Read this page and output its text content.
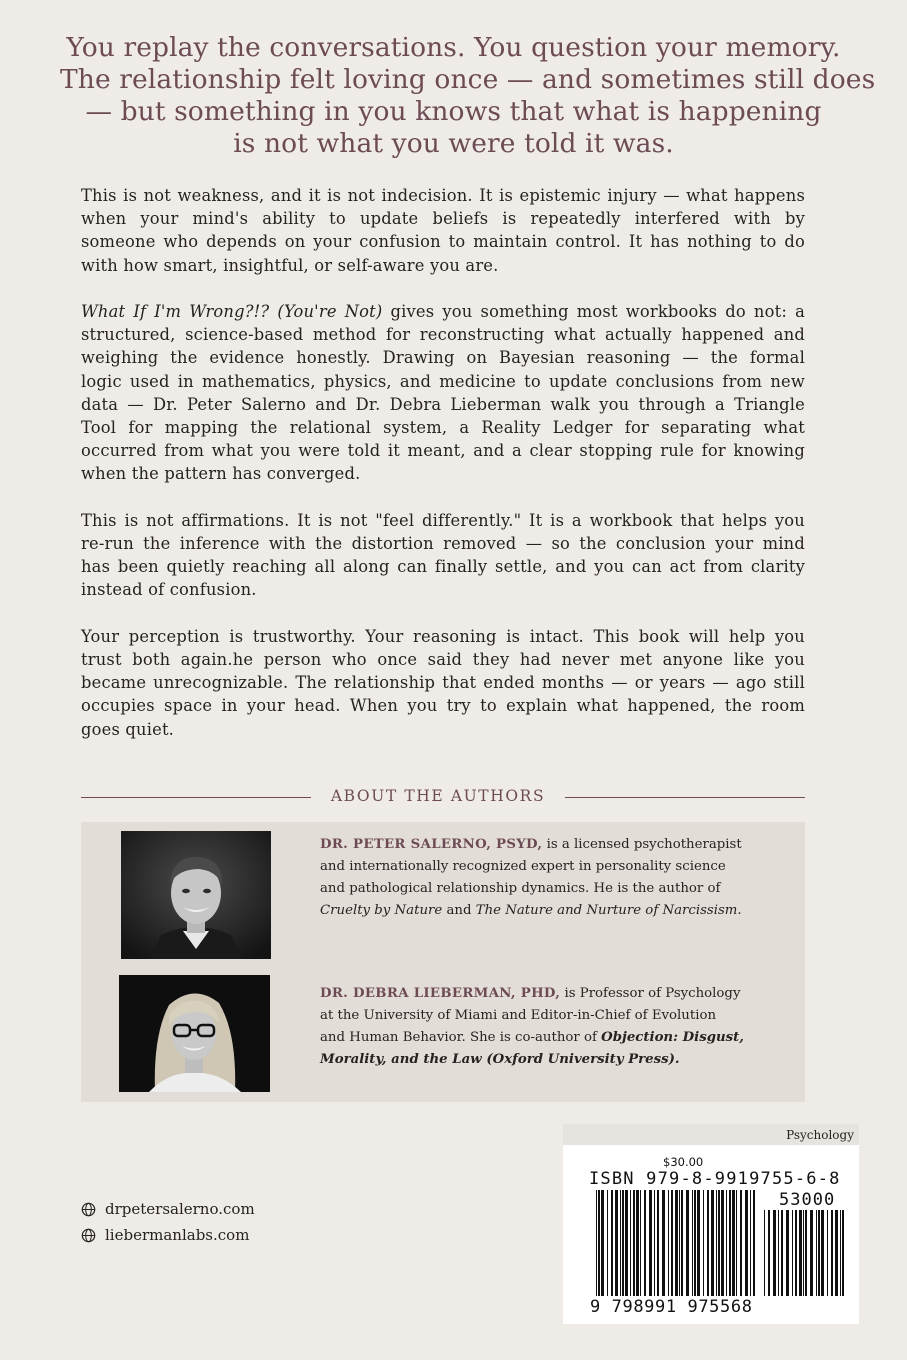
You replay the conversations. You question your memory.
The relationship felt loving once — and sometimes still does
— but something in you knows that what is happening
is not what you were told it was.
This is not weakness, and it is not indecision. It is epistemic injury — what happens
when your mind's ability to update beliefs is repeatedly interfered with by
someone who depends on your confusion to maintain control. It has nothing to do
with how smart, insightful, or self-aware you are.
What If I'm Wrong?!? (You're Not) gives you something most workbooks do not: a
structured, science-based method for reconstructing what actually happened and
weighing the evidence honestly. Drawing on Bayesian reasoning — the formal
logic used in mathematics, physics, and medicine to update conclusions from new
data — Dr. Peter Salerno and Dr. Debra Lieberman walk you through a Triangle
Tool for mapping the relational system, a Reality Ledger for separating what
occurred from what you were told it meant, and a clear stopping rule for knowing
when the pattern has converged.
This is not affirmations. It is not "feel differently." It is a workbook that helps you
re-run the inference with the distortion removed — so the conclusion your mind
has been quietly reaching all along can finally settle, and you can act from clarity
instead of confusion.
Your perception is trustworthy. Your reasoning is intact. This book will help you
trust both again.he person who once said they had never met anyone like you
became unrecognizable. The relationship that ended months — or years — ago still
occupies space in your head. When you try to explain what happened, the room
goes quiet.
ABOUT THE AUTHORS
DR. PETER SALERNO, PSYD, is a licensed psychotherapist
and internationally recognized expert in personality science
and pathological relationship dynamics. He is the author of
Cruelty by Nature and The Nature and Nurture of Narcissism.
DR. DEBRA LIEBERMAN, PHD, is Professor of Psychology
at the University of Miami and Editor-in-Chief of Evolution
and Human Behavior. She is co-author of Objection: Disgust,
Morality, and the Law (Oxford University Press).
drpetersalerno.com
liebermanlabs.com
Psychology
$30.00
ISBN 979-8-9919755-6-8
53000
9 798991 975568
